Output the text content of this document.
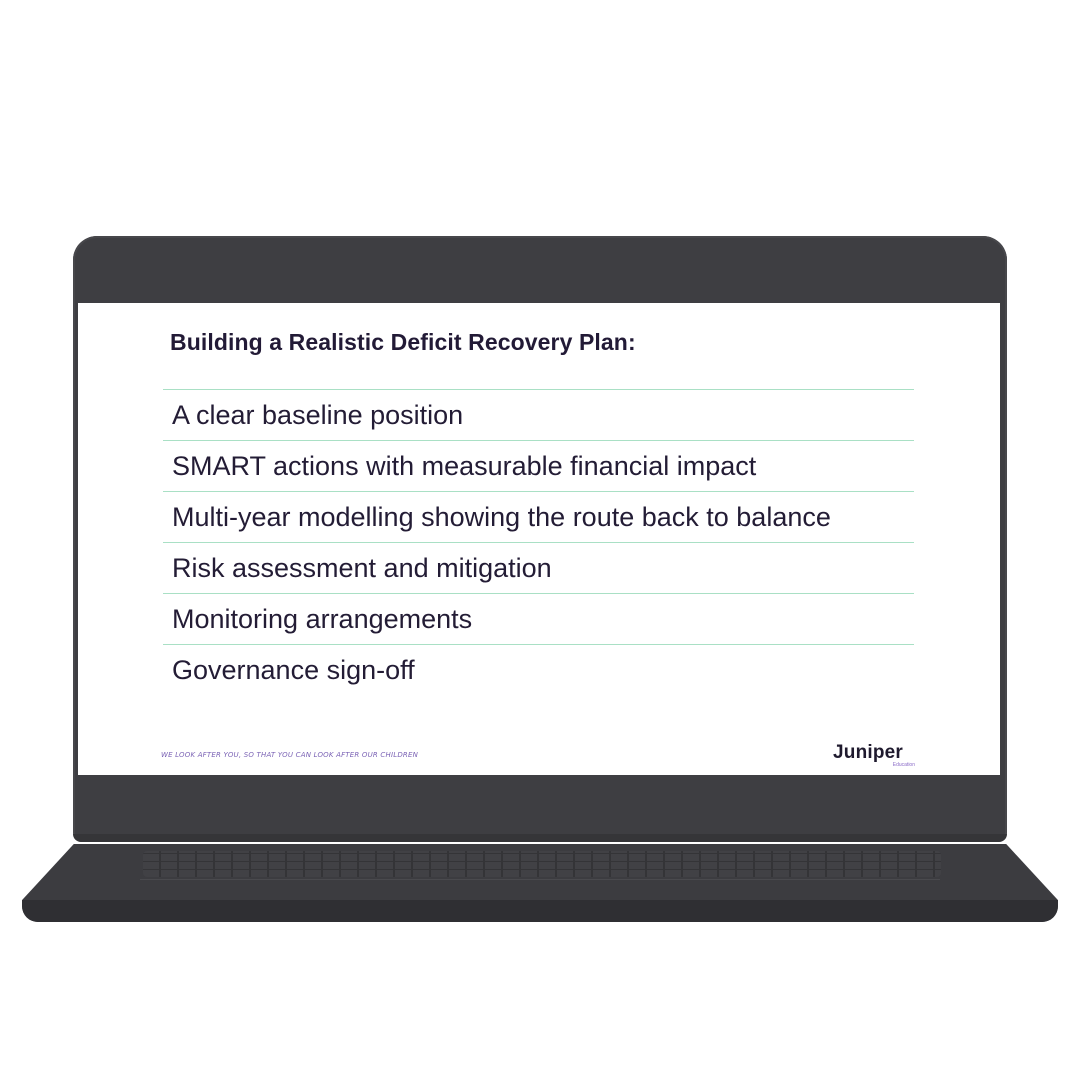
Building a Realistic Deficit Recovery Plan:
A clear baseline position
SMART actions with measurable financial impact
Multi-year modelling showing the route back to balance
Risk assessment and mitigation
Monitoring arrangements
Governance sign-off
WE LOOK AFTER YOU, SO THAT YOU CAN LOOK AFTER OUR CHILDREN	Juniper
Education
